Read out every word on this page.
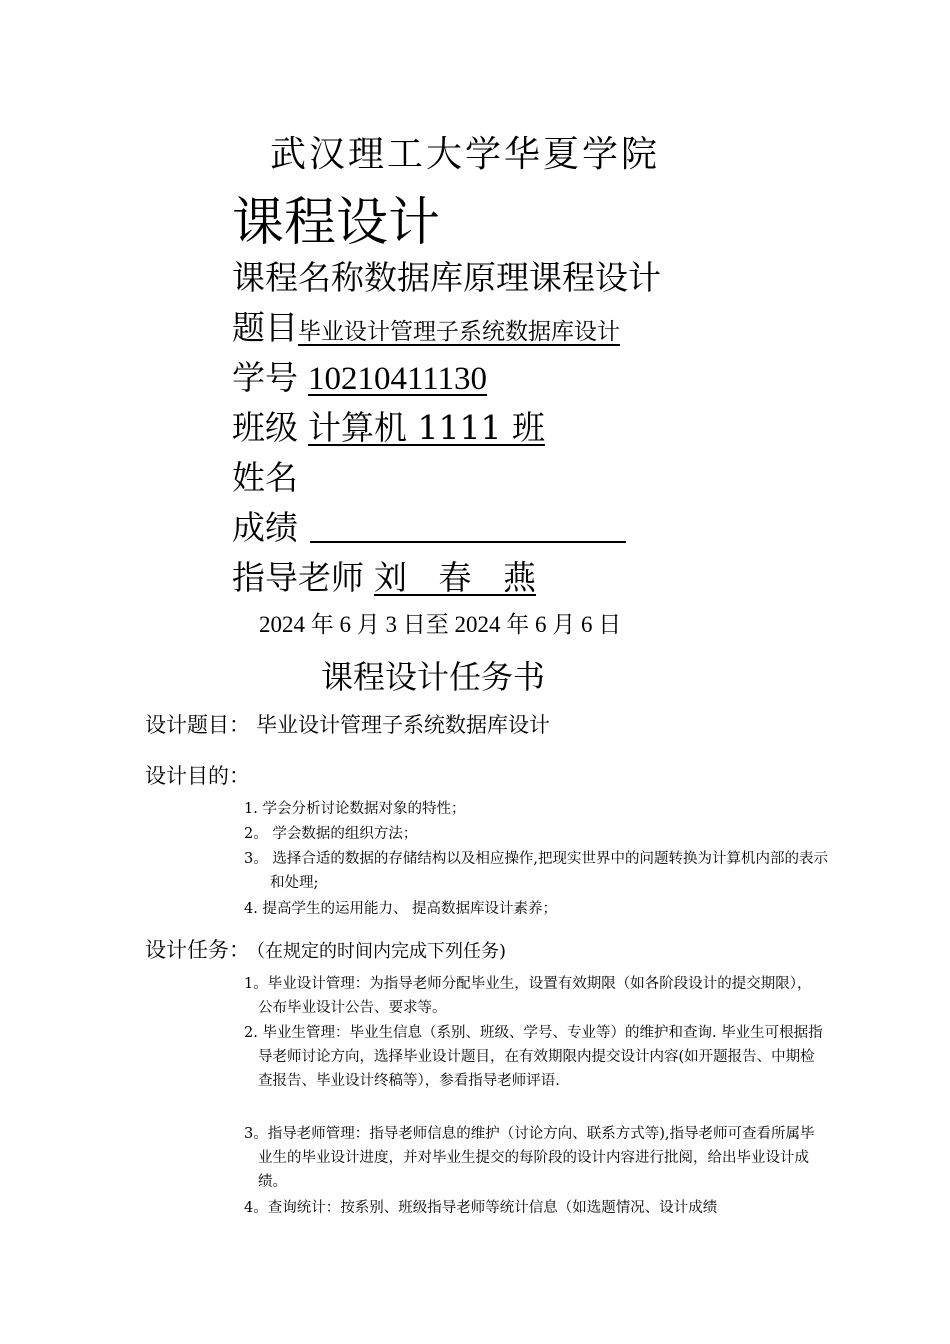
武汉理工大学华夏学院
课程设计
课程名称数据库原理课程设计
题目毕业设计管理子系统数据库设计
学号 10210411130
班级 计算机 1111 班
姓名
成绩
指导老师 刘   春   燕
2024 年 6 月 3 日至 2024 年 6 月 6 日
课程设计任务书
设计题目： 毕业设计管理子系统数据库设计
设计目的：
1. 学会分析讨论数据对象的特性；
2。 学会数据的组织方法；
3。 选择合适的数据的存储结构以及相应操作,把现实世界中的问题转换为计算机内部的表示和处理;
4. 提高学生的运用能力、 提高数据库设计素养；
设计任务： （在规定的时间内完成下列任务)
1。毕业设计管理：为指导老师分配毕业生，设置有效期限（如各阶段设计的提交期限），公布毕业设计公告、要求等。
2. 毕业生管理：毕业生信息（系别、班级、学号、专业等）的维护和查询. 毕业生可根据指导老师讨论方向，选择毕业设计题目，在有效期限内提交设计内容(如开题报告、中期检查报告、毕业设计终稿等），参看指导老师评语.
3。指导老师管理：指导老师信息的维护（讨论方向、联系方式等),指导老师可查看所属毕业生的毕业设计进度，并对毕业生提交的每阶段的设计内容进行批阅，给出毕业设计成绩。
4。查询统计：按系别、班级指导老师等统计信息（如选题情况、设计成绩
